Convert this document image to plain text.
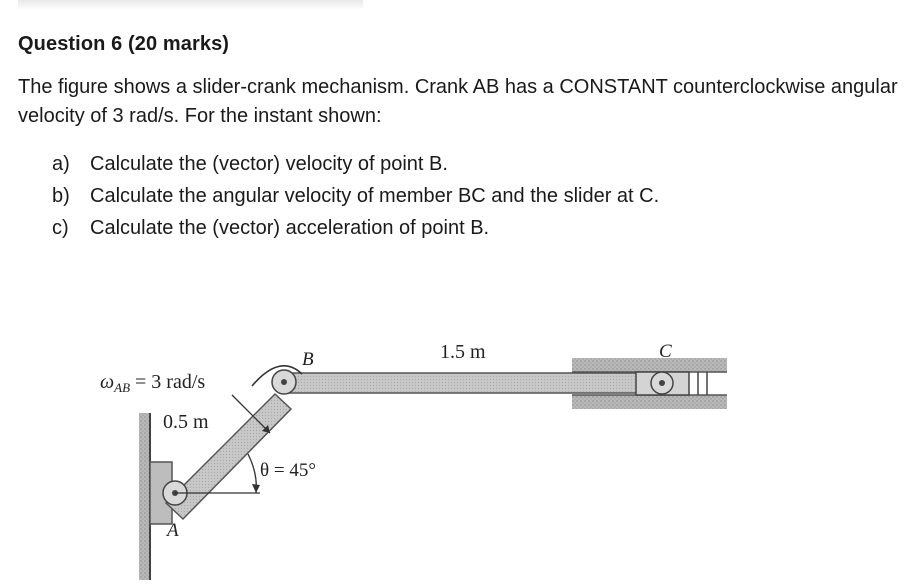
Question 6 (20 marks)
The figure shows a slider-crank mechanism. Crank AB has a CONSTANT counterclockwise angular velocity of 3 rad/s. For the instant shown:
a) Calculate the (vector) velocity of point B.
b) Calculate the angular velocity of member BC and the slider at C.
c) Calculate the (vector) acceleration of point B.
$\omega_{AB} = 3$ rad/s
0.5 m
1.5 m
A
B	C
θ = 45°
